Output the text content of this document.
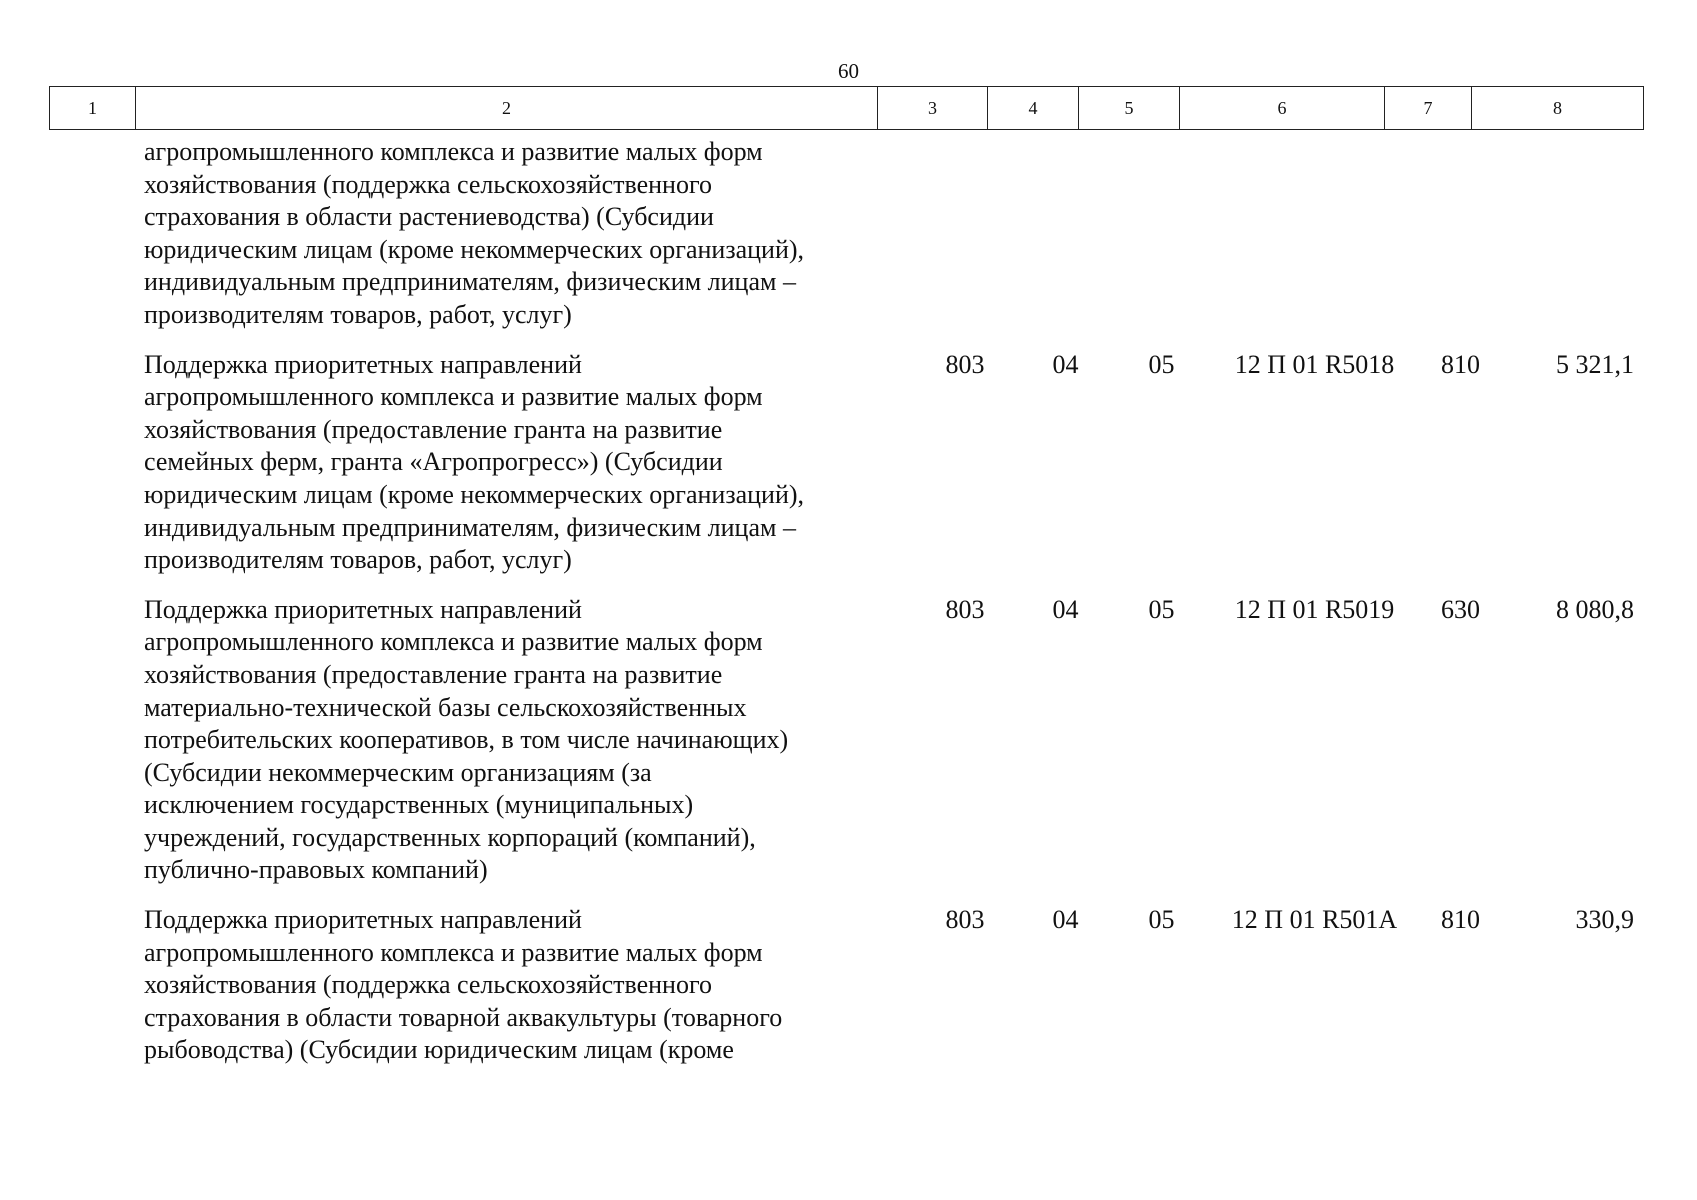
60
1	2	3	4	5	6	7	8
агропромышленного комплекса и развитие малых форм
хозяйствования (поддержка сельскохозяйственного
страхования в области растениеводства) (Субсидии
юридическим лицам (кроме некоммерческих организаций),
индивидуальным предпринимателям, физическим лицам –
производителям товаров, работ, услуг)
Поддержка приоритетных направлений
агропромышленного комплекса и развитие малых форм
хозяйствования (предоставление гранта на развитие
семейных ферм, гранта «Агропрогресс») (Субсидии
юридическим лицам (кроме некоммерческих организаций),
индивидуальным предпринимателям, физическим лицам –
производителям товаров, работ, услуг)
803	04	05	12 П 01 R5018	810	5 321,1
Поддержка приоритетных направлений
агропромышленного комплекса и развитие малых форм
хозяйствования (предоставление гранта на развитие
материально-технической базы сельскохозяйственных
потребительских кооперативов, в том числе начинающих)
(Субсидии некоммерческим организациям (за
исключением государственных (муниципальных)
учреждений, государственных корпораций (компаний),
публично-правовых компаний)
803	04	05	12 П 01 R5019	630	8 080,8
Поддержка приоритетных направлений
агропромышленного комплекса и развитие малых форм
хозяйствования (поддержка сельскохозяйственного
страхования в области товарной аквакультуры (товарного
рыбоводства) (Субсидии юридическим лицам (кроме
803	04	05	12 П 01 R501A	810	330,9
